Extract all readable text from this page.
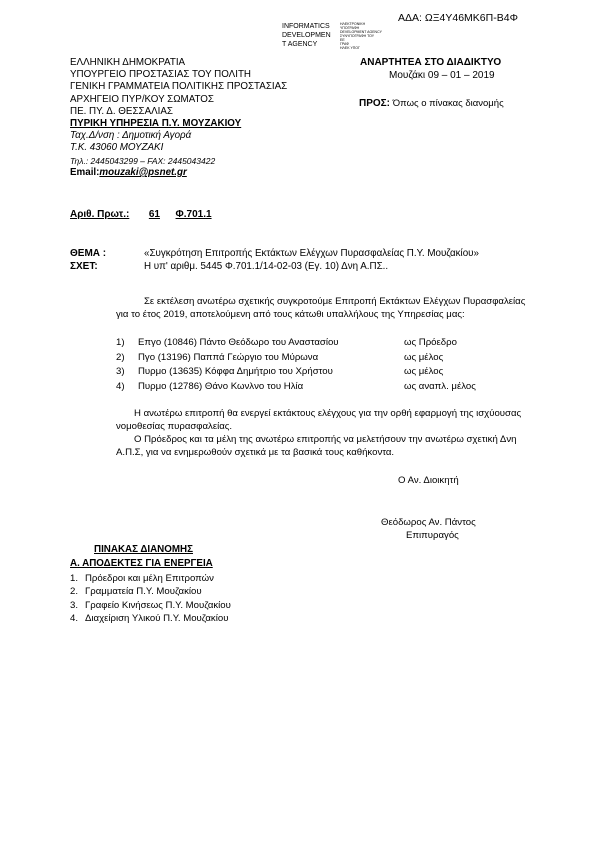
ΑΔΑ: ΩΞ4Υ46ΜΚ6Π-Β4Φ
INFORMATICS
DEVELOPMEN
T AGENCY
ΗΛΕΚΤΡΟΝΙΚΗ
ΥΠΟΓΡΑΦΗ
DEVELOPMENT AGENCY
ΣΥΝΥΠΟΓΡΑΦΗ ΤΟΥ
ΕΕ
ΓΡΑΦ
ΗΛΕΚ ΥΠΟΓ
ΕΛΛΗΝΙΚΗ ΔΗΜΟΚΡΑΤΙΑ
ΥΠΟΥΡΓΕΙΟ ΠΡΟΣΤΑΣΙΑΣ ΤΟΥ ΠΟΛΙΤΗ
ΓΕΝΙΚΗ ΓΡΑΜΜΑΤΕΙΑ ΠΟΛΙΤΙΚΗΣ ΠΡΟΣΤΑΣΙΑΣ
ΑΡΧΗΓΕΙΟ ΠΥΡ/ΚΟΥ ΣΩΜΑΤΟΣ
ΠΕ. ΠΥ. Δ. ΘΕΣΣΑΛΙΑΣ
ΠΥΡΙΚΗ ΥΠΗΡΕΣΙΑ Π.Υ. ΜΟΥΖΑΚΙΟΥ
Ταχ.Δ/νση : Δημοτική Αγορά
Τ.Κ. 43060 ΜΟΥΖΑΚΙ
Τηλ.: 2445043299 – FAX: 2445043422
Email:mouzaki@psnet.gr
ΑΝΑΡΤΗΤΕΑ ΣΤΟ ΔΙΑΔΙΚΤΥΟ
Μουζάκι 09 – 01 – 2019
ΠΡΟΣ: Όπως ο πίνακας διανομής
Αριθ. Πρωτ.: 61 Φ.701.1
ΘΕΜΑ :	«Συγκρότηση Επιτροπής Εκτάκτων Ελέγχων Πυρασφαλείας Π.Υ. Μουζακίου»
ΣΧΕΤ:	Η υπ' αριθμ. 5445 Φ.701.1/14-02-03 (Εγ. 10) Δνη Α.ΠΣ..
Σε εκτέλεση ανωτέρω σχετικής συγκροτούμε Επιτροπή Εκτάκτων Ελέγχων Πυρασφαλείας
για το έτος 2019, αποτελούμενη από τους κάτωθι υπαλλήλους της Υπηρεσίας μας:
1) Επγο (10846) Πάντο Θεόδωρο του Αναστασίου	ως Πρόεδρο
2) Πγο (13196) Παππά Γεώργιο του Μύρωνα	ως μέλος
3) Πυρμο (13635) Κόφφα Δημήτριο του Χρήστου	ως μέλος
4) Πυρμο (12786) Θάνο Κωνλνο του Ηλία	ως αναπλ. μέλος
Η ανωτέρω επιτροπή θα ενεργεί εκτάκτους ελέγχους για την ορθή εφαρμογή της ισχύουσας
νομοθεσίας πυρασφαλείας.
Ο Πρόεδρος και τα μέλη της ανωτέρω επιτροπής να μελετήσουν την ανωτέρω σχετική Δνη
Α.Π.Σ, για να ενημερωθούν σχετικά με τα βασικά τους καθήκοντα.
Ο Αν. Διοικητή
Θεόδωρος Αν. Πάντος
Επιπυραγός
ΠΙΝΑΚΑΣ ΔΙΑΝΟΜΗΣ
Α. ΑΠΟΔΕΚΤΕΣ ΓΙΑ ΕΝΕΡΓΕΙΑ
1. Πρόεδροι και μέλη Επιτροπών
2. Γραμματεία Π.Υ. Μουζακίου
3. Γραφείο Κινήσεως Π.Υ. Μουζακίου
4. Διαχείριση Υλικού Π.Υ. Μουζακίου
